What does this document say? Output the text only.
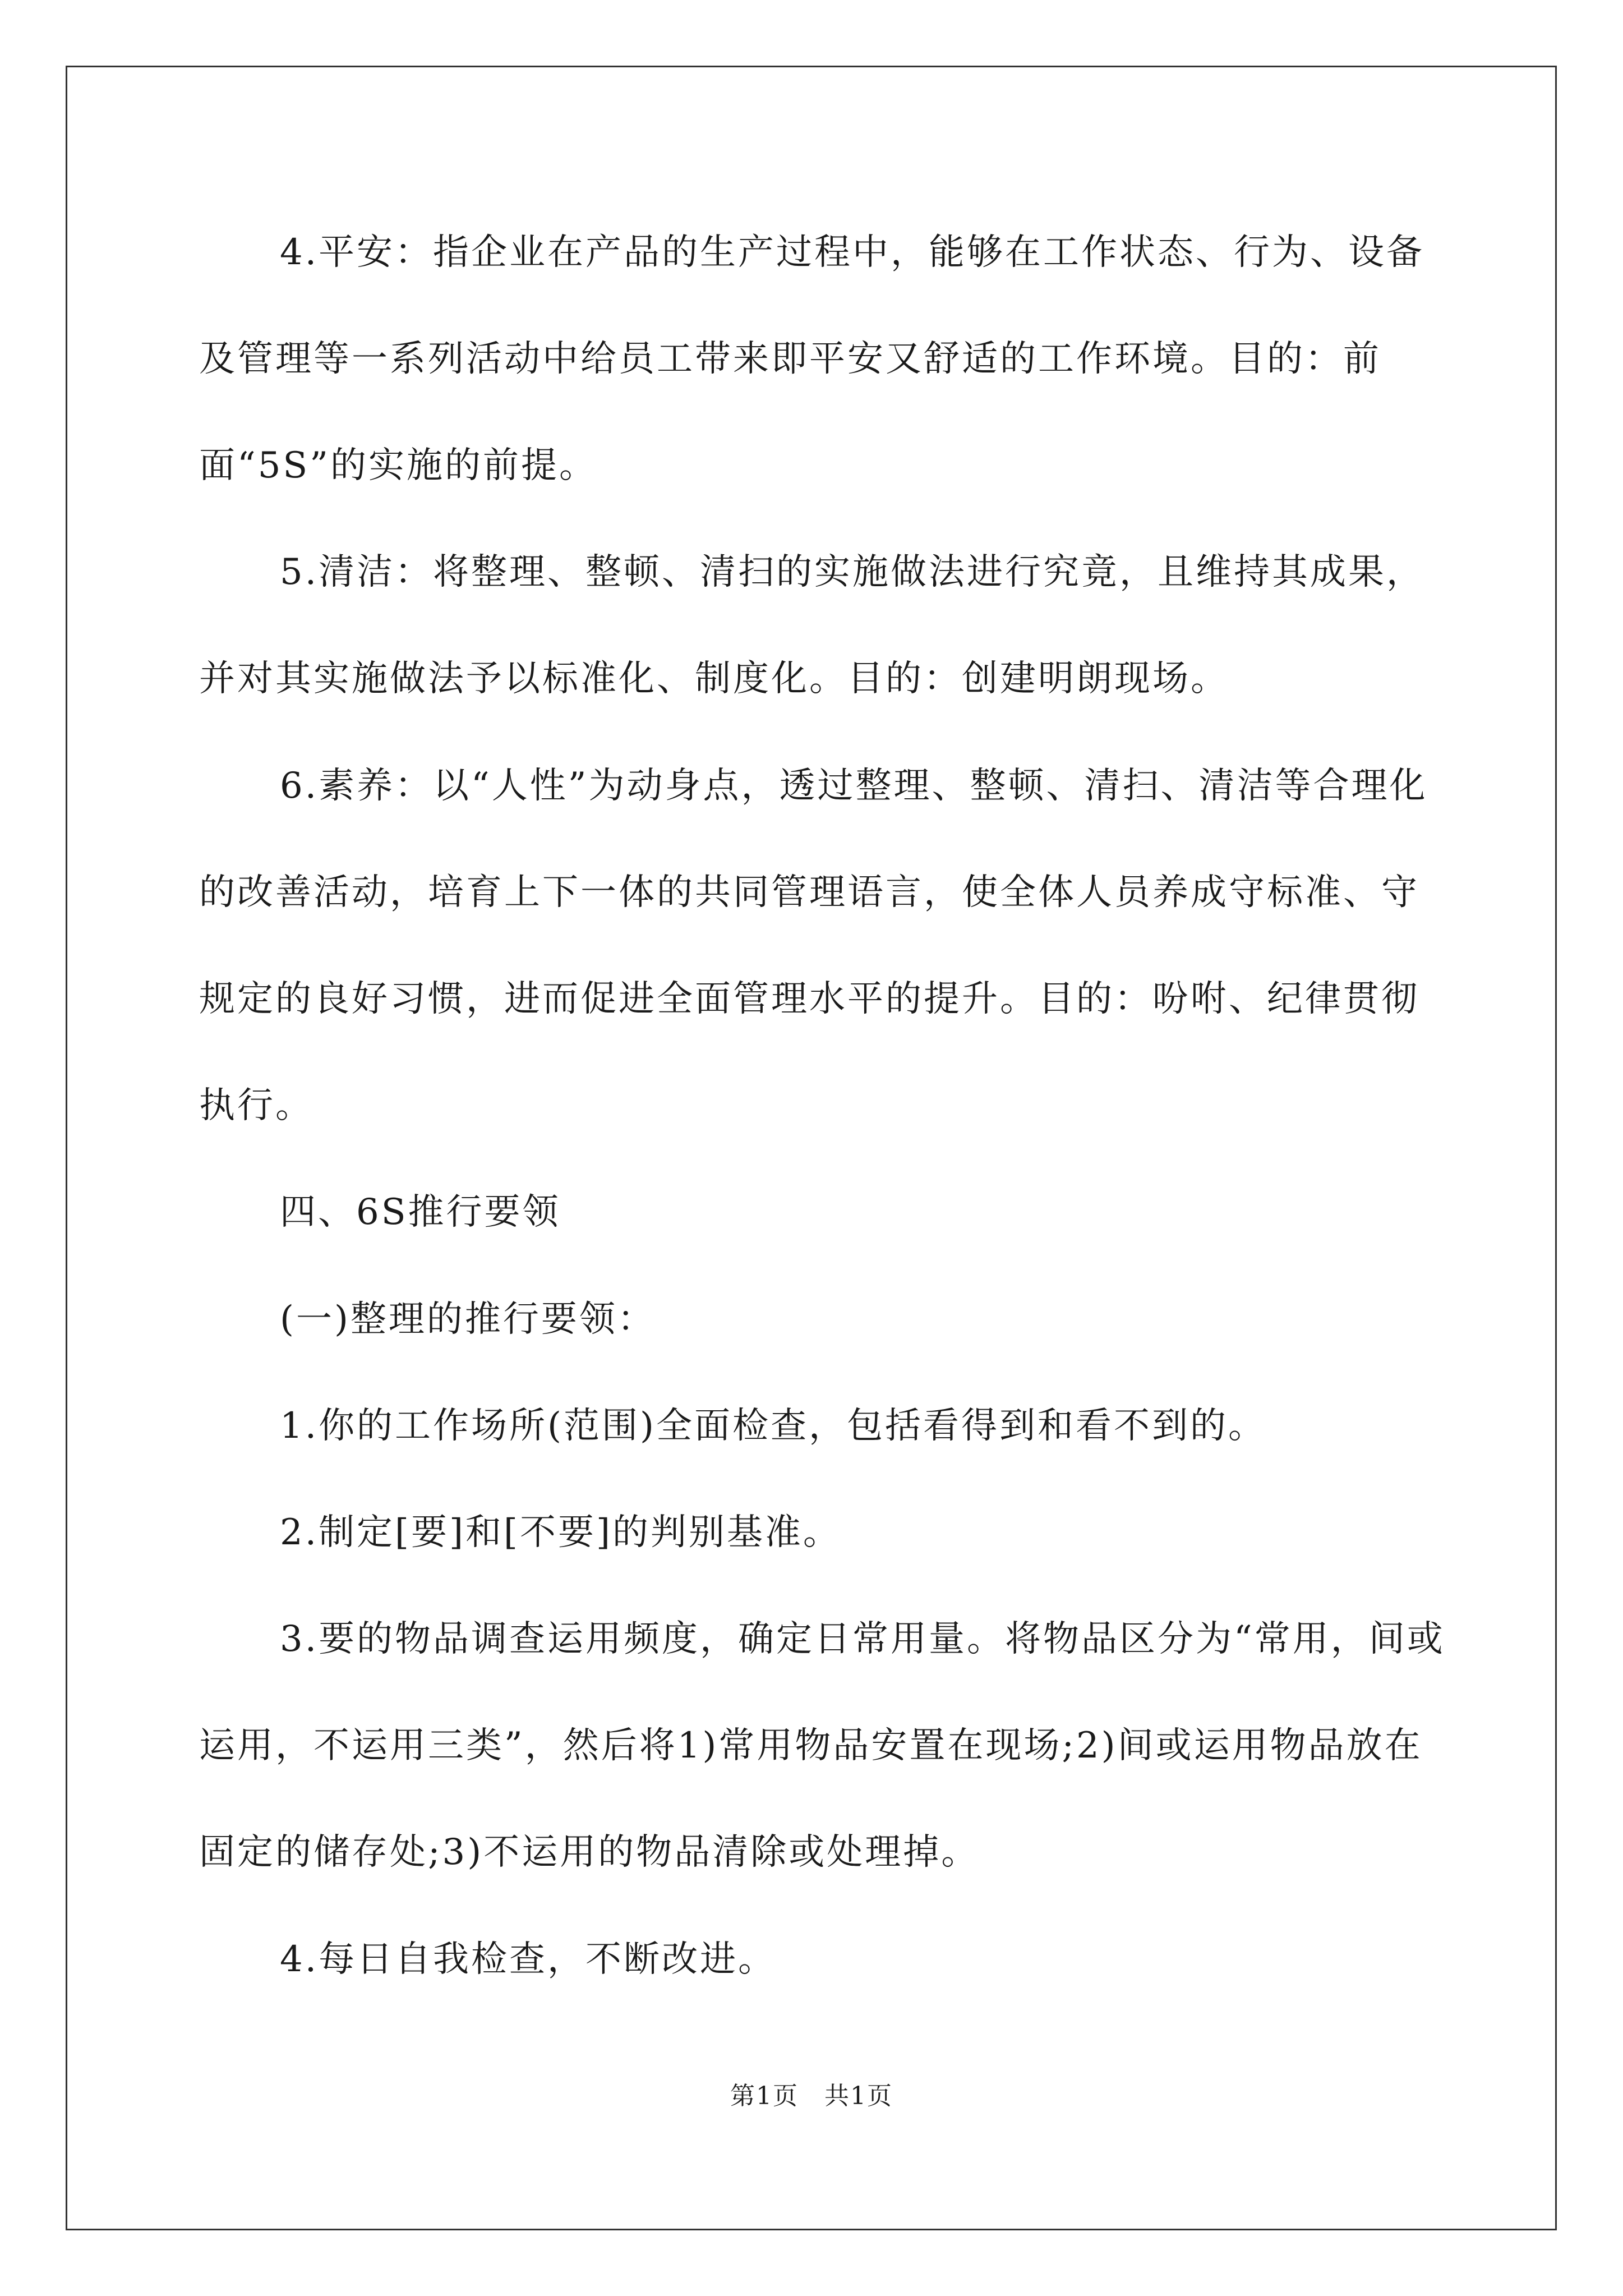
4.平安：指企业在产品的生产过程中，能够在工作状态、行为、设备及管理等一系列活动中给员工带来即平安又舒适的工作环境。目的：前面“5S”的实施的前提。

5.清洁：将整理、整顿、清扫的实施做法进行究竟，且维持其成果，并对其实施做法予以标准化、制度化。目的：创建明朗现场。

6.素养：以“人性”为动身点，透过整理、整顿、清扫、清洁等合理化的改善活动，培育上下一体的共同管理语言，使全体人员养成守标准、守规定的良好习惯，进而促进全面管理水平的提升。目的：吩咐、纪律贯彻执行。

四、6S推行要领

(一)整理的推行要领：

1.你的工作场所(范围)全面检查，包括看得到和看不到的。

2.制定[要]和[不要]的判别基准。

3.要的物品调查运用频度，确定日常用量。将物品区分为“常用，间或运用，不运用三类”，然后将1)常用物品安置在现场;2)间或运用物品放在固定的储存处;3)不运用的物品清除或处理掉。

4.每日自我检查，不断改进。

第1页　共1页
